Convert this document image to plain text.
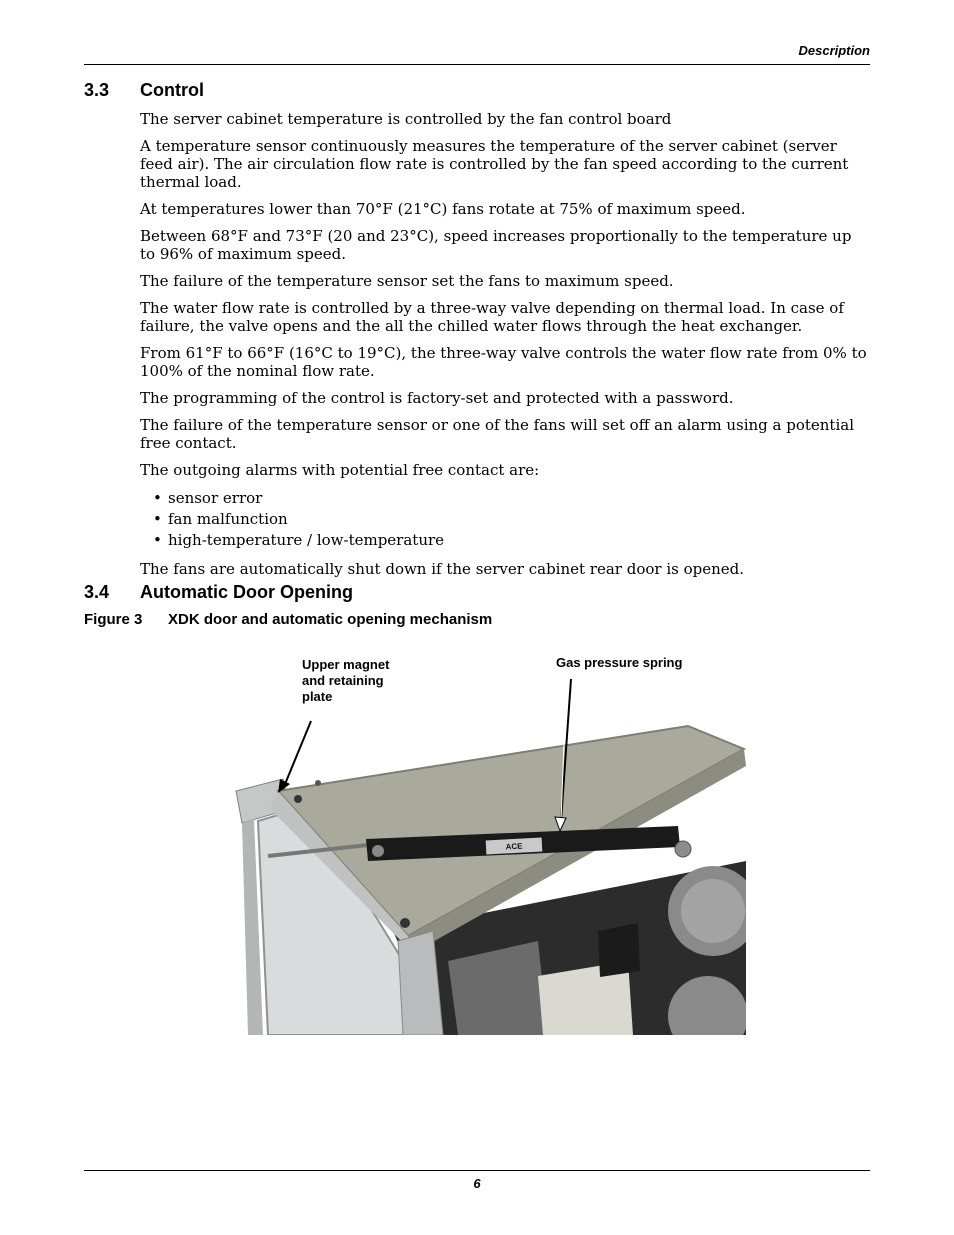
Description
3.3 Control

The server cabinet temperature is controlled by the fan control board

A temperature sensor continuously measures the temperature of the server cabinet (server feed air). The air circulation flow rate is controlled by the fan speed according to the current thermal load.

At temperatures lower than 70°F (21°C) fans rotate at 75% of maximum speed.

Between 68°F and 73°F (20 and 23°C), speed increases proportionally to the temperature up to 96% of maximum speed.

The failure of the temperature sensor set the fans to maximum speed.

The water flow rate is controlled by a three-way valve depending on thermal load. In case of failure, the valve opens and the all the chilled water flows through the heat exchanger.

From 61°F to 66°F (16°C to 19°C), the three-way valve controls the water flow rate from 0% to 100% of the nominal flow rate.

The programming of the control is factory-set and protected with a password.

The failure of the temperature sensor or one of the fans will set off an alarm using a potential free contact.

The outgoing alarms with potential free contact are:

• sensor error
• fan malfunction
• high-temperature / low-temperature

The fans are automatically shut down if the server cabinet rear door is opened.

3.4 Automatic Door Opening
Figure 3 XDK door and automatic opening mechanism
ACE
Upper magnet
and retaining
plate
Gas pressure spring
6
